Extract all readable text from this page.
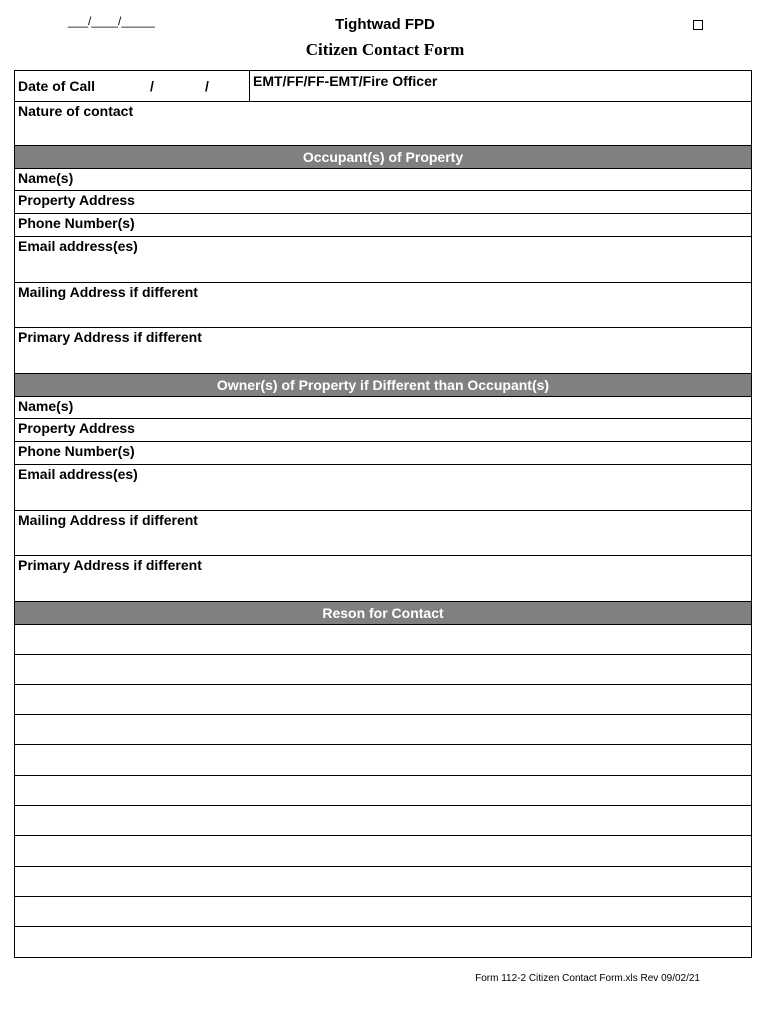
___/____/_____	Tightwad FPD
Citizen Contact Form
Date of Call	/	/	EMT/FF/FF-EMT/Fire Officer
Nature of contact
Occupant(s) of Property
Name(s)
Property Address
Phone Number(s)
Email address(es)
Mailing Address if different
Primary Address if different
Owner(s) of Property if Different than Occupant(s)
Name(s)
Property Address
Phone Number(s)
Email address(es)
Mailing Address if different
Primary Address if different
Reson for Contact
Form 112-2 Citizen Contact Form.xls Rev 09/02/21
